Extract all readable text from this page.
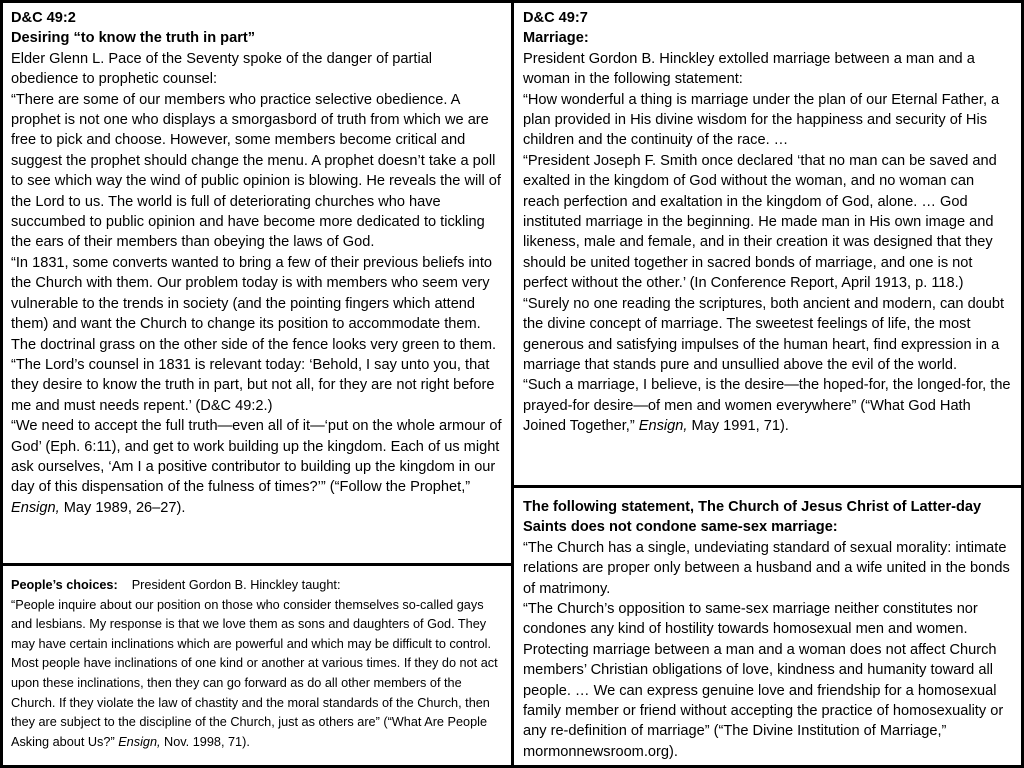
D&C 49:2

Desiring “to know the truth in part”

Elder Glenn L. Pace of the Seventy spoke of the danger of partial obedience to prophetic counsel:

“There are some of our members who practice selective obedience. A prophet is not one who displays a smorgasbord of truth from which we are free to pick and choose. However, some members become critical and suggest the prophet should change the menu. A prophet doesn’t take a poll to see which way the wind of public opinion is blowing. He reveals the will of the Lord to us. The world is full of deteriorating churches who have succumbed to public opinion and have become more dedicated to tickling the ears of their members than obeying the laws of God.

“In 1831, some converts wanted to bring a few of their previous beliefs into the Church with them. Our problem today is with members who seem very vulnerable to the trends in society (and the pointing fingers which attend them) and want the Church to change its position to accommodate them. The doctrinal grass on the other side of the fence looks very green to them.

“The Lord’s counsel in 1831 is relevant today: ‘Behold, I say unto you, that they desire to know the truth in part, but not all, for they are not right before me and must needs repent.’ (D&C 49:2.)

“We need to accept the full truth—even all of it—‘put on the whole armour of God’ (Eph. 6:11), and get to work building up the kingdom. Each of us might ask ourselves, ‘Am I a positive contributor to building up the kingdom in our day of this dispensation of the fulness of times?’” (“Follow the Prophet,” Ensign, May 1989, 26–27).

People’s choices: President Gordon B. Hinckley taught:

“People inquire about our position on those who consider themselves so-called gays and lesbians. My response is that we love them as sons and daughters of God. They may have certain inclinations which are powerful and which may be difficult to control. Most people have inclinations of one kind or another at various times. If they do not act upon these inclinations, then they can go forward as do all other members of the Church. If they violate the law of chastity and the moral standards of the Church, then they are subject to the discipline of the Church, just as others are” (“What Are People Asking about Us?” Ensign, Nov. 1998, 71).

D&C 49:7

Marriage:

President Gordon B. Hinckley extolled marriage between a man and a woman in the following statement:

“How wonderful a thing is marriage under the plan of our Eternal Father, a plan provided in His divine wisdom for the happiness and security of His children and the continuity of the race. …

“President Joseph F. Smith once declared ‘that no man can be saved and exalted in the kingdom of God without the woman, and no woman can reach perfection and exaltation in the kingdom of God, alone. … God instituted marriage in the beginning. He made man in His own image and likeness, male and female, and in their creation it was designed that they should be united together in sacred bonds of marriage, and one is not perfect without the other.’ (In Conference Report, April 1913, p. 118.)

“Surely no one reading the scriptures, both ancient and modern, can doubt the divine concept of marriage. The sweetest feelings of life, the most generous and satisfying impulses of the human heart, find expression in a marriage that stands pure and unsullied above the evil of the world.

“Such a marriage, I believe, is the desire—the hoped-for, the longed-for, the prayed-for desire—of men and women everywhere” (“What God Hath Joined Together,” Ensign, May 1991, 71).

The following statement, The Church of Jesus Christ of Latter-day Saints does not condone same-sex marriage:

“The Church has a single, undeviating standard of sexual morality: intimate relations are proper only between a husband and a wife united in the bonds of matrimony.

“The Church’s opposition to same-sex marriage neither constitutes nor condones any kind of hostility towards homosexual men and women. Protecting marriage between a man and a woman does not affect Church members’ Christian obligations of love, kindness and humanity toward all people. … We can express genuine love and friendship for a homosexual family member or friend without accepting the practice of homosexuality or any re-definition of marriage” (“The Divine Institution of Marriage,” mormonnewsroom.org).
